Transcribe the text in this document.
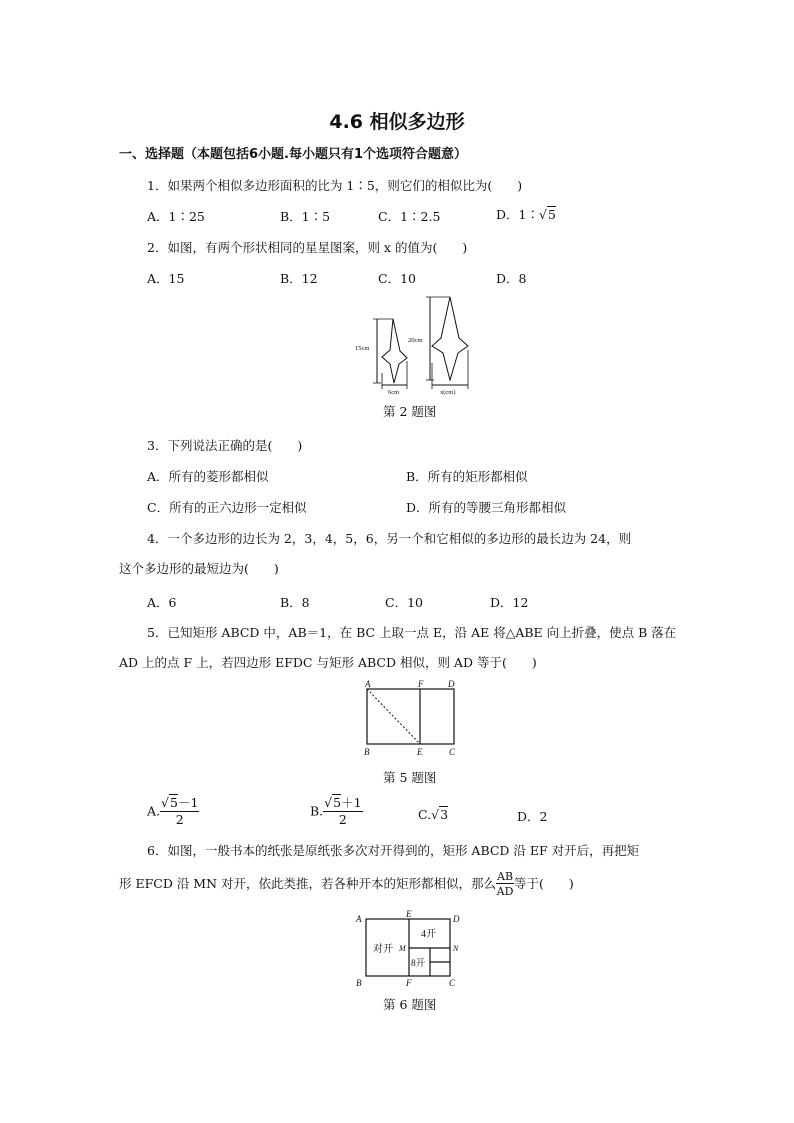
4.6 相似多边形
一、选择题（本题包括6小题.每小题只有1个选项符合题意）
1．如果两个相似多边形面积的比为 1∶5，则它们的相似比为(　　)
A．1∶25	B．1∶5	C．1∶2.5	D．1∶√5
2．如图，有两个形状相同的星星图案，则 x 的值为(　　)
A．15	B．12	C．10	D．8
15cm
6cm
20cm
x(cm)
第 2 题图
3．下列说法正确的是(　　)
A．所有的菱形都相似	B．所有的矩形都相似
C．所有的正六边形一定相似	D．所有的等腰三角形都相似
4．一个多边形的边长为 2，3，4，5，6，另一个和它相似的多边形的最长边为 24，则
这个多边形的最短边为(　　)
A．6	B．8	C．10	D．12
5．已知矩形 ABCD 中，AB＝1，在 BC 上取一点 E，沿 AE 将△ABE 向上折叠，使点 B 落在
AD 上的点 F 上，若四边形 EFDC 与矩形 ABCD 相似，则 AD 等于(　　)
A	F	D
B	E	C
第 5 题图
A. $\frac{√5-1}{2}$	B. $\frac{√5+1}{2}$	C.√3	D．2
6．如图，一般书本的纸张是原纸张多次对开得到的，矩形 ABCD 沿 EF 对开后，再把矩
形 EFCD 沿 MN 对开，依此类推，若各种开本的矩形都相似，那么 $\frac{AB}{AD}$ 等于(　　)
A	E	D
M	N
B	F	C
对开
4开
8开
第 6 题图
